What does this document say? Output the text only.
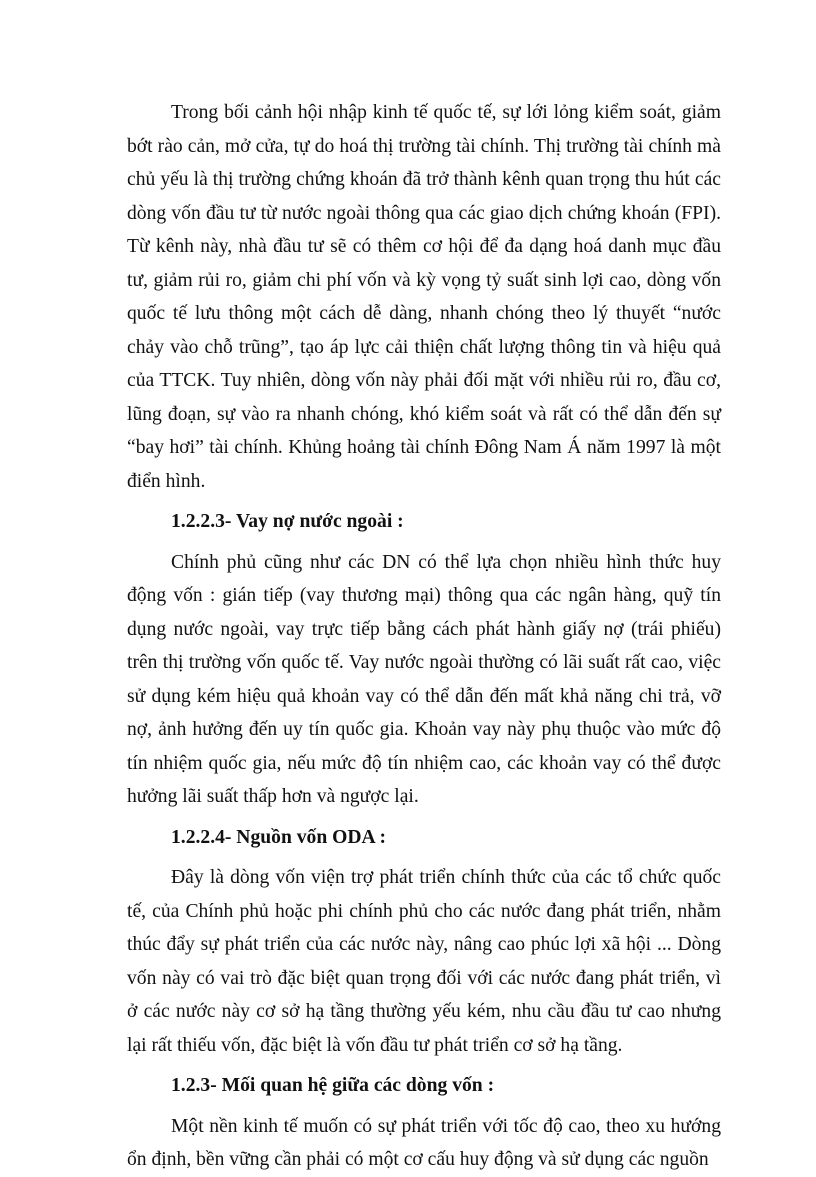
Trong bối cảnh hội nhập kinh tế quốc tế, sự lới lỏng kiểm soát, giảm bớt rào cản, mở cửa, tự do hoá thị trường tài chính. Thị trường tài chính mà chủ yếu là thị trường chứng khoán đã trở thành kênh quan trọng thu hút các dòng vốn đầu tư từ nước ngoài thông qua các giao dịch chứng khoán (FPI). Từ kênh này, nhà đầu tư sẽ có thêm cơ hội để đa dạng hoá danh mục đầu tư, giảm rủi ro, giảm chi phí vốn và kỳ vọng tỷ suất sinh lợi cao, dòng vốn quốc tế lưu thông một cách dễ dàng, nhanh chóng theo lý thuyết “nước chảy vào chỗ trũng”, tạo áp lực cải thiện chất lượng thông tin và hiệu quả của TTCK. Tuy nhiên, dòng vốn này phải đối mặt với nhiều rủi ro, đầu cơ, lũng đoạn, sự vào ra nhanh chóng, khó kiểm soát và rất có thể dẫn đến sự “bay hơi” tài chính. Khủng hoảng tài chính Đông Nam Á năm 1997 là một điển hình.

1.2.2.3- Vay nợ nước ngoài :

Chính phủ cũng như các DN có thể lựa chọn nhiều hình thức huy động vốn : gián tiếp (vay thương mại) thông qua các ngân hàng, quỹ tín dụng nước ngoài, vay trực tiếp bằng cách phát hành giấy nợ (trái phiếu) trên thị trường vốn quốc tế. Vay nước ngoài thường có lãi suất rất cao, việc sử dụng kém hiệu quả khoản vay có thể dẫn đến mất khả năng chi trả, vỡ nợ, ảnh hưởng đến uy tín quốc gia. Khoản vay này phụ thuộc vào mức độ tín nhiệm quốc gia, nếu mức độ tín nhiệm cao, các khoản vay có thể được hưởng lãi suất thấp hơn và ngược lại.

1.2.2.4- Nguồn vốn ODA :

Đây là dòng vốn viện trợ phát triển chính thức của các tổ chức quốc tế, của Chính phủ hoặc phi chính phủ cho các nước đang phát triển, nhằm thúc đẩy sự phát triển của các nước này, nâng cao phúc lợi xã hội ... Dòng vốn này có vai trò đặc biệt quan trọng đối với các nước đang phát triển, vì ở các nước này cơ sở hạ tầng thường yếu kém, nhu cầu đầu tư cao nhưng lại rất thiếu vốn, đặc biệt là vốn đầu tư phát triển cơ sở hạ tầng.

1.2.3- Mối quan hệ giữa các dòng vốn :

Một nền kinh tế muốn có sự phát triển với tốc độ cao, theo xu hướng ổn định, bền vững cần phải có một cơ cấu huy động và sử dụng các nguồn
